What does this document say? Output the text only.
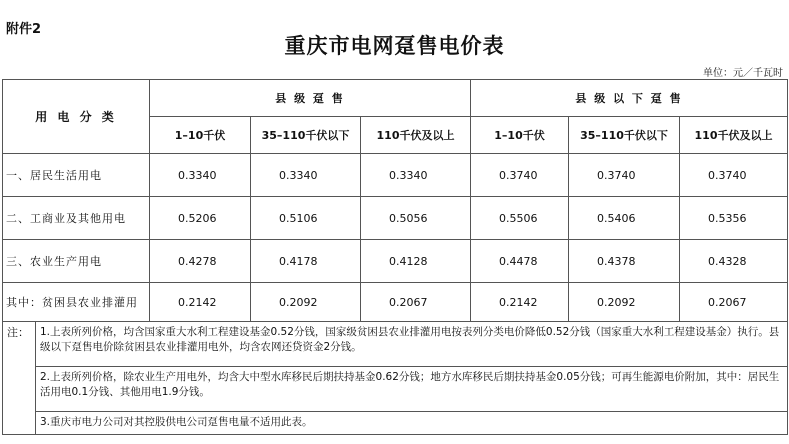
附件2
重庆市电网趸售电价表
单位：元／千瓦时
用 电 分 类	县 级 趸 售			县 级 以 下 趸 售		
	1–10千伏	35–110千伏以下	110千伏及以上	1–10千伏	35–110千伏以下	110千伏及以上
一、居民生活用电	0.3340	0.3340	0.3340	0.3740	0.3740	0.3740
二、工商业及其他用电	0.5206	0.5106	0.5056	0.5506	0.5406	0.5356
三、农业生产用电	0.4278	0.4178	0.4128	0.4478	0.4378	0.4328
其中：贫困县农业排灌用	0.2142	0.2092	0.2067	0.2142	0.2092	0.2067
注：	1.上表所列价格，均含国家重大水利工程建设基金0.52分钱，国家级贫困县农业排灌用电按表列分类电价降低0.52分钱（国家重大水利工程建设基金）执行。县级以下趸售电价除贫困县农业排灌用电外，均含农网还贷资金2分钱。
2.上表所列价格，除农业生产用电外，均含大中型水库移民后期扶持基金0.62分钱；地方水库移民后期扶持基金0.05分钱；可再生能源电价附加，其中：居民生活用电0.1分钱、其他用电1.9分钱。
3.重庆市电力公司对其控股供电公司趸售电量不适用此表。
